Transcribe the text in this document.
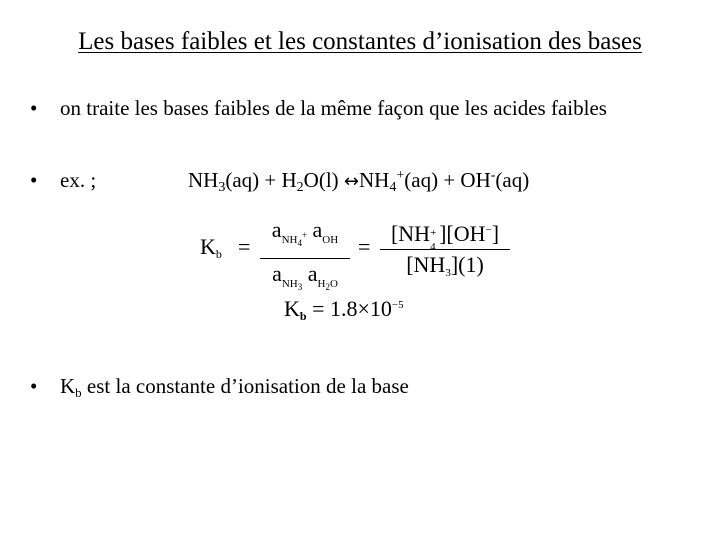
Les bases faibles et les constantes d’ionisation des bases
• on traite les bases faibles de la même façon que les acides faibles
• ex. ;	$NH_3(aq) + H_2O(l)$ $\leftrightarrow NH_4^+(aq) + OH^-(aq)$
$K_b$ =
$a_{NH_4^+}$ $a_{OH}$
$a_{NH_3}$ $a_{H_2O}$
=
[NH +
4
][OH−]
$[NH_3](1)$
$K_b = 1.8\times 10^{-5}$
• $K_b$ est la constante d’ionisation de la base
